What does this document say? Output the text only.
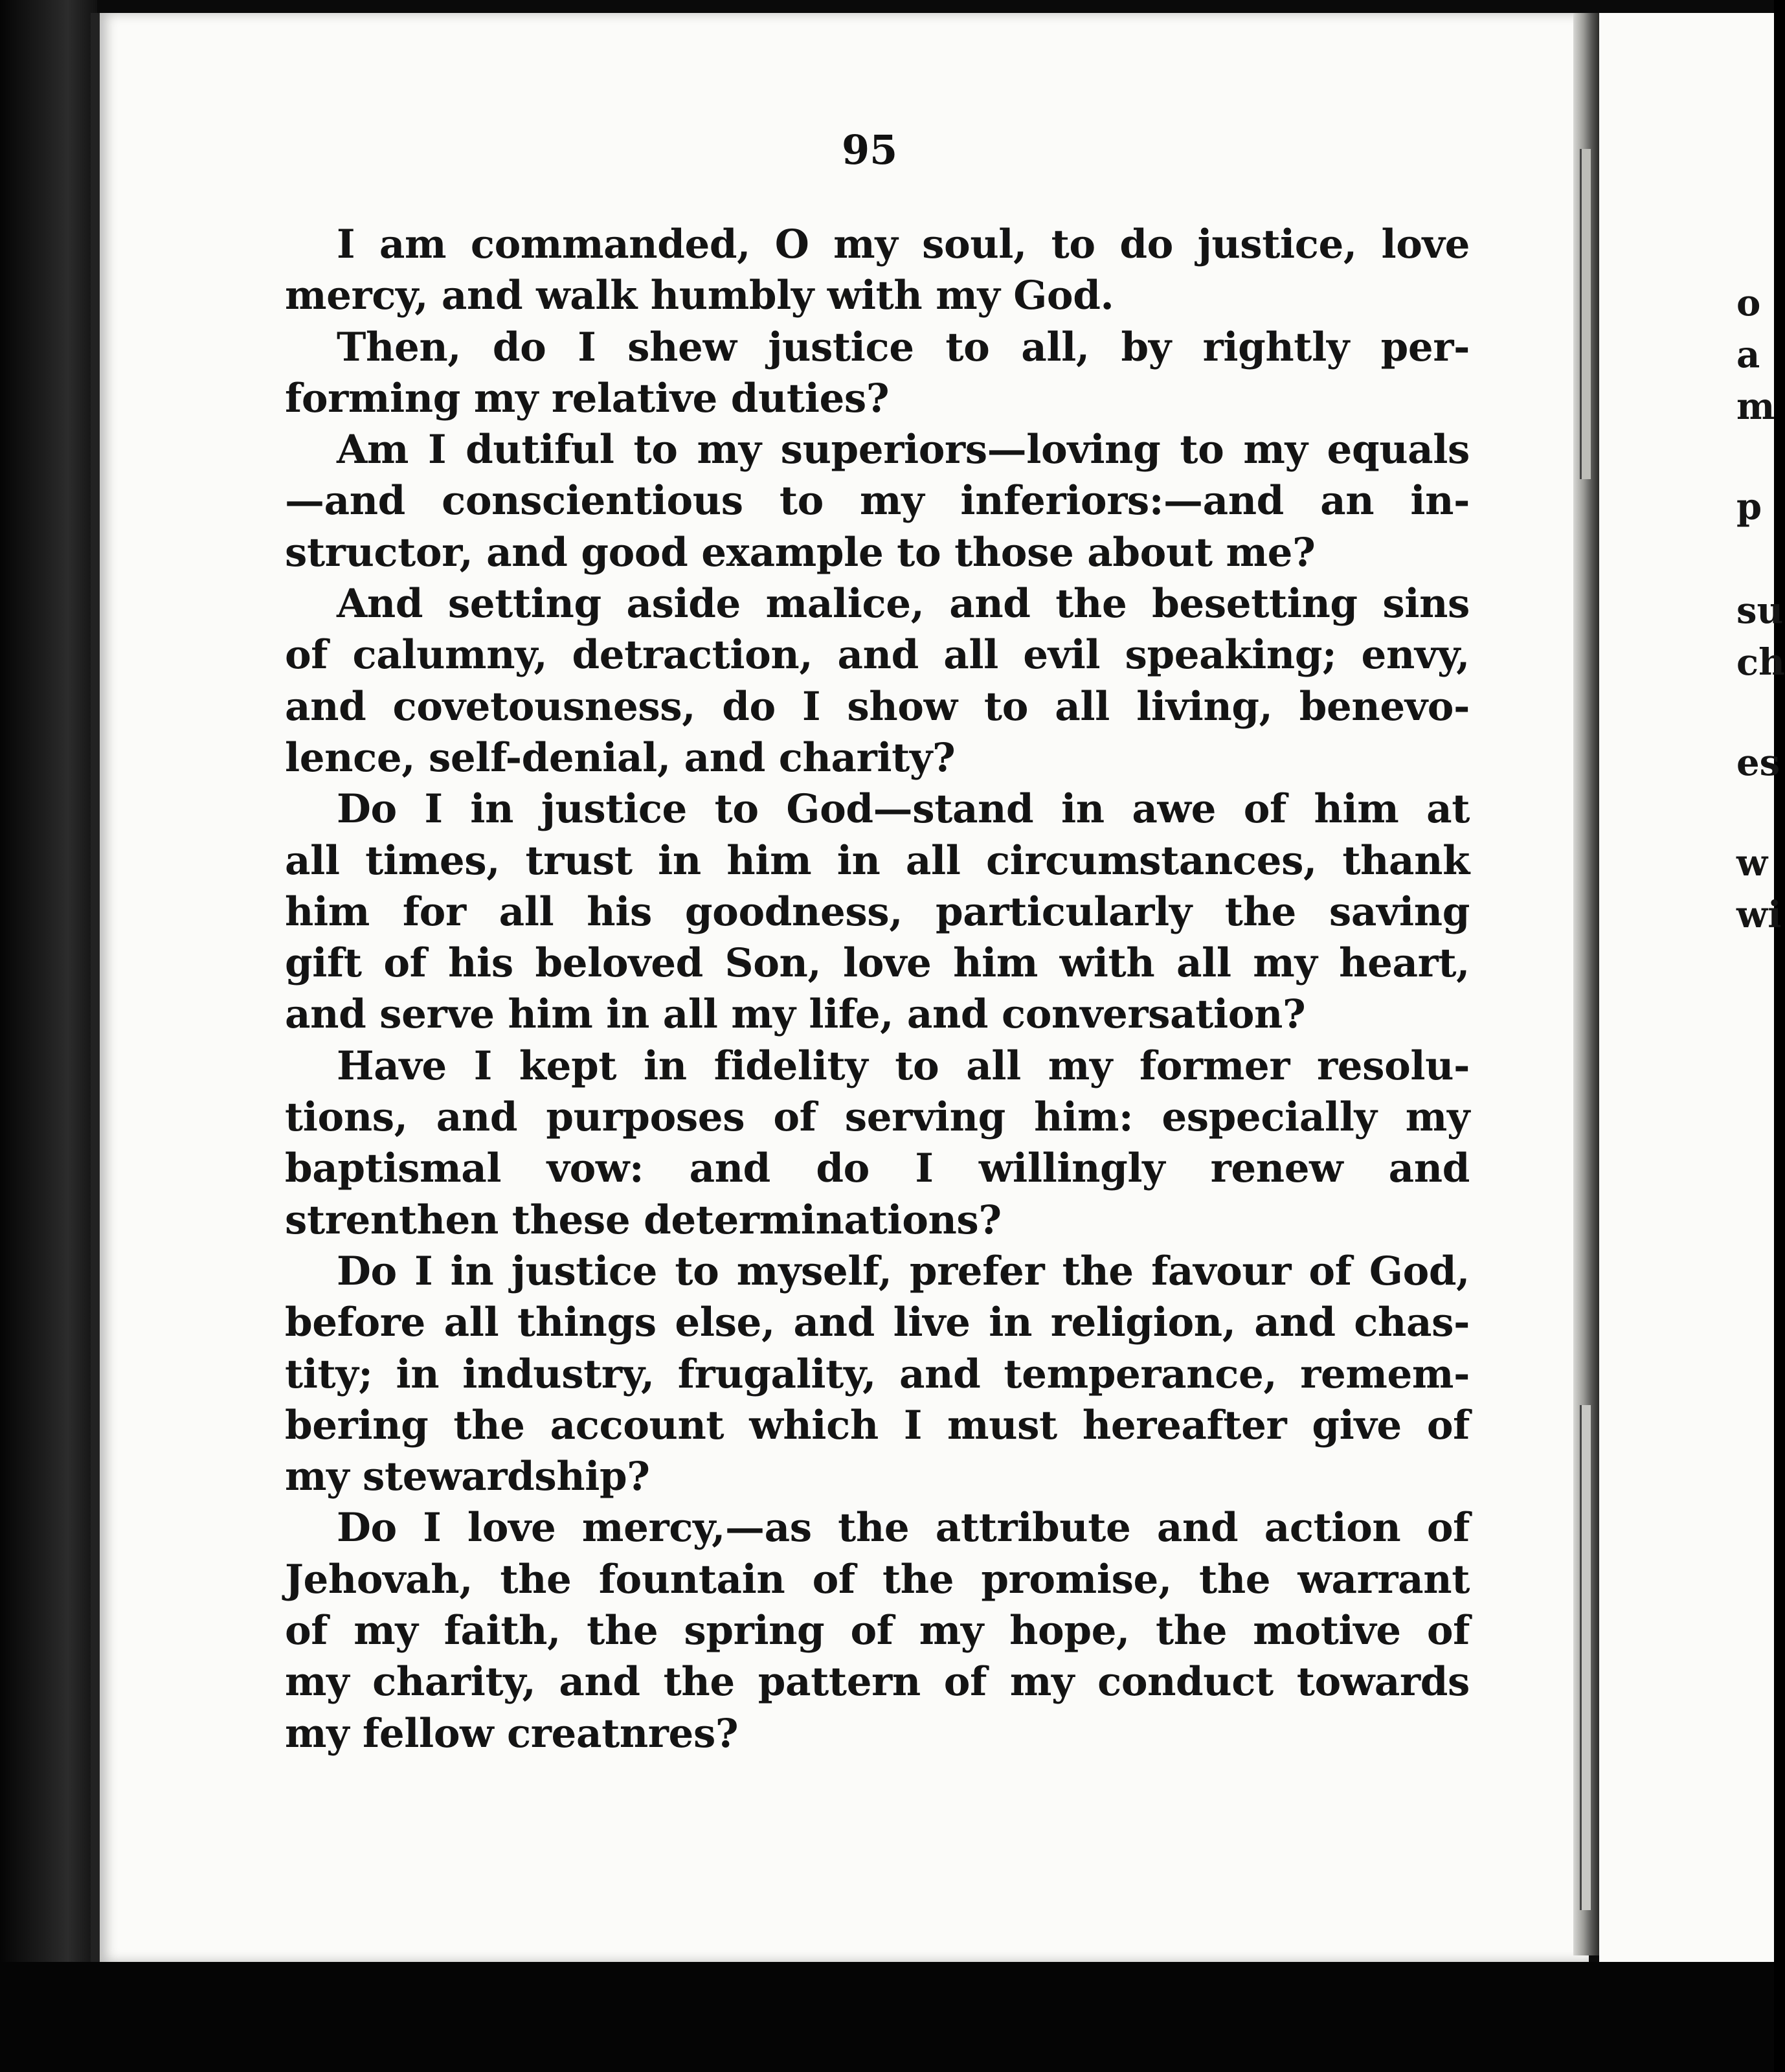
95
I am commanded, O my soul, to do justice, love
mercy, and walk humbly with my God.
Then, do I shew justice to all, by rightly per-
forming my relative duties?
Am I dutiful to my superiors—loving to my equals
—and conscientious to my inferiors:—and an in-
structor, and good example to those about me?
And setting aside malice, and the besetting sins
of calumny, detraction, and all evil speaking; envy,
and covetousness, do I show to all living, benevo-
lence, self-denial, and charity?
Do I in justice to God—stand in awe of him at
all times, trust in him in all circumstances, thank
him for all his goodness, particularly the saving
gift of his beloved Son, love him with all my heart,
and serve him in all my life, and conversation?
Have I kept in fidelity to all my former resolu-
tions, and purposes of serving him: especially my
baptismal vow: and do I willingly renew and
strenthen these determinations?
Do I in justice to myself, prefer the favour of God,
before all things else, and live in religion, and chas-
tity; in industry, frugality, and temperance, remem-
bering the account which I must hereafter give of
my stewardship?
Do I love mercy,—as the attribute and action of
Jehovah, the fountain of the promise, the warrant
of my faith, the spring of my hope, the motive of
my charity, and the pattern of my conduct towards
my fellow creatnres?
o
a
m
p
su
ch
es
w
wi
